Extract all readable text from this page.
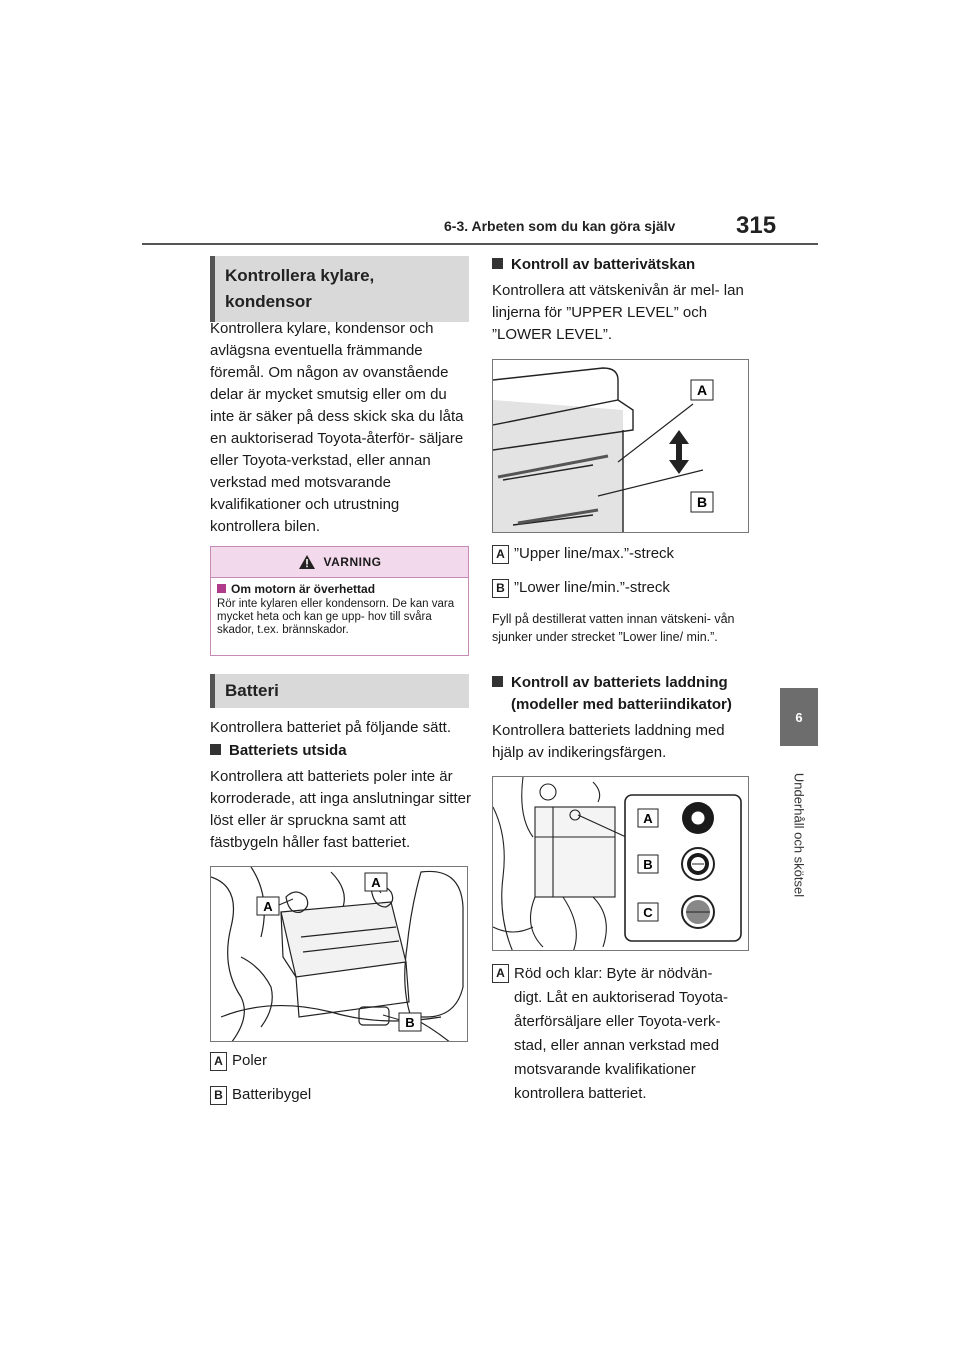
6-3. Arbeten som du kan göra själv	315
6
Underhåll och skötsel
Kontrollera kylare, kondensor
Kontrollera kylare, kondensor och avlägsna eventuella främmande föremål. Om någon av ovanstående delar är mycket smutsig eller om du inte är säker på dess skick ska du låta en auktoriserad Toyota-återför- säljare eller Toyota-verkstad, eller annan verkstad med motsvarande kvalifikationer och utrustning kontrollera bilen.
VARNING
Om motorn är överhettad
Rör inte kylaren eller kondensorn. De kan vara mycket heta och kan ge upp- hov till svåra skador, t.ex. brännskador.
Batteri
Kontrollera batteriet på följande sätt.
Batteriets utsida
Kontrollera att batteriets poler inte är korroderade, att inga anslutningar sitter löst eller är spruckna samt att fästbygeln håller fast batteriet.
A
A
B
A Poler
B Batteribygel
Kontroll av batterivätskan
Kontrollera att vätskenivån är mel- lan linjerna för ”UPPER LEVEL” och ”LOWER LEVEL”.
A
B
A ”Upper line/max.”-streck
B ”Lower line/min.”-streck
Fyll på destillerat vatten innan vätskeni- vån sjunker under strecket ”Lower line/ min.”.
Kontroll av batteriets laddning (modeller med batteriindikator)
Kontrollera batteriets laddning med hjälp av indikeringsfärgen.
A
B
C
A Röd och klar: Byte är nödvän- digt. Låt en auktoriserad Toyota- återförsäljare eller Toyota-verk- stad, eller annan verkstad med motsvarande kvalifikationer kontrollera batteriet.
